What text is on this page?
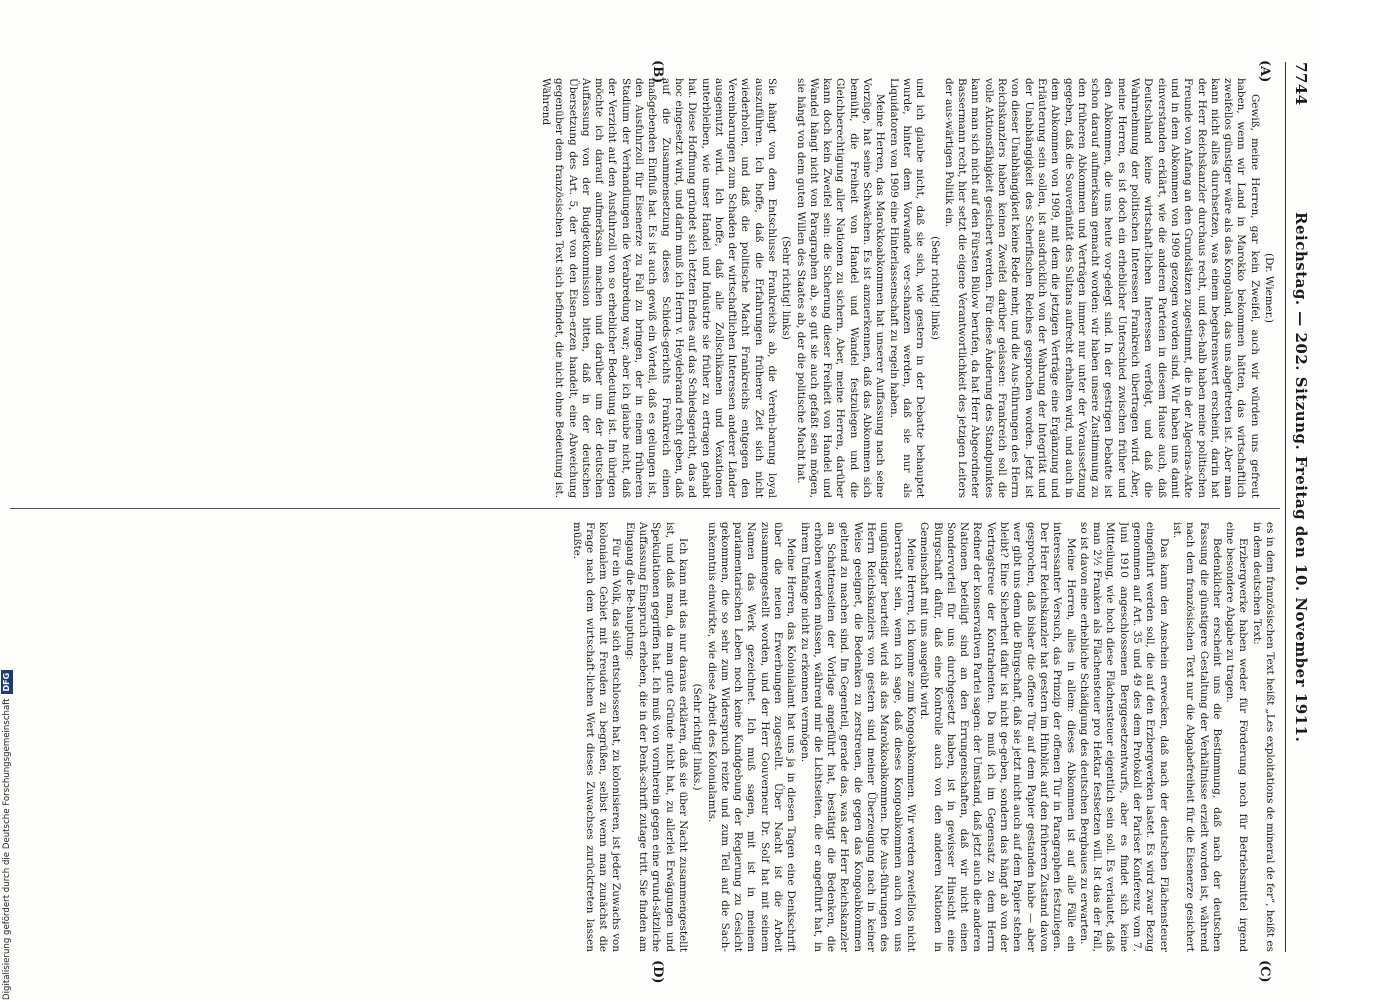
7744
Reichstag. — 202. Sitzung. Freitag den 10. November 1911.
(A)
(B)
(C)
(D)

(Dr. Wiemer.)

Gewiß, meine Herren, gar kein Zweifel, auch wir würden uns gefreut haben, wenn wir Land in Marokko bekommen hätten, das wirtschaftlich zweifellos günstiger wäre als das Kongoland, das uns abgetreten ist. Aber man kann nicht alles durchsetzen, was einem begehrenswert erscheint, darin hat der Herr Reichskanzler durchaus recht, und des-halb haben meine politischen Freunde von Anfang an den Grundsätzen zugestimmt, die in der Algeciras-Akte und in dem Abkommen von 1909 gezogen worden sind. Wir haben uns damit einverstanden erklärt, wie die anderen Parteien in diesem Hause auch, daß Deutschland keine wirtschaft-lichen Interessen verfolgt, und daß die Wahrnehmung der politischen Interessen Frankreich übertragen wird. Aber, meine Herren, es ist doch ein erheblicher Unterschied zwischen früher und den Abkommen, die uns heute vor-gelegt sind. In der gestrigen Debatte ist schon darauf aufmerksam gemacht worden: wir haben unsere Zustimmung zu den früheren Abkommen und Verträgen immer nur unter der Voraussetzung gegeben, daß die Souveränität des Sultans aufrecht erhalten wird, und auch in dem Abkommen von 1909, mit dem die jetzigen Verträge eine Ergänzung und Erläuterung sein sollen, ist ausdrücklich von der Wahrung der Integrität und der Unabhängigkeit des Scherifischen Reiches gesprochen worden. Jetzt ist von dieser Unabhängigkeit keine Rede mehr, und die Aus-führungen des Herrn Reichskanzlers haben keinen Zweifel darüber gelassen: Frankreich soll die volle Aktionsfähigkeit gesichert werden. Für diese Änderung des Standpunktes kann man sich nicht auf den Fürsten Bülow berufen, da hat Herr Abgeordneter Bassermann recht, hier setzt die eigene Verantwortlichkeit des jetzigen Leiters der aus-wärtigen Politik ein.

(Sehr richtig! links)

und ich glaube nicht, daß sie sich, wie gestern in der Debatte behauptet wurde, hinter dem Vorwande ver-schanzen werden, daß sie nur als Liquidatoren von 1909 eine Hinterlassenschaft zu regeln haben.

Meine Herren, das Marokkoabkommen hat unserer Auffassung nach seine Vorzüge, hat seine Schwächen. Es ist anzuerkennen, daß das Abkommen sich bemüht, die Freiheit von Handel und Wandel festzulegen und die Gleichberechtigung aller Nationen zu sichern. Aber, meine Herren, darüber kann doch kein Zweifel sein: die Sicherung dieser Freiheit von Handel und Wandel hängt nicht von Paragraphen ab, so gut sie auch gefaßt sein mögen, sie hängt von dem guten Willen des Staates ab, der die politische Macht hat.

(Sehr richtig! links)

Sie hängt von dem Entschlusse Frankreichs ab, die Verein-barung loyal auszuführen. Ich hoffe, daß die Erfahrungen früherer Zeit sich nicht wiederholen, und daß die politische Macht Frankreichs entgegen den Vereinbarungen zum Schaden der wirtschaftlichen Interessen anderer Länder ausgenutzt wird. Ich hoffe, daß alle Zollschikanen und Vexationen unterbleiben, wie unser Handel und Industrie sie früher zu ertragen gehabt hat. Diese Hoffnung gründet sich letzten Endes auf das Schiedsgericht, das ad hoc eingesetzt wird, und darin muß ich Herrn v. Heydebrand recht geben, daß auf die Zusammensetzung dieses Schieds-gerichts Frankreich einen maßgebenden Einfluß hat. Es ist auch gewiß ein Vorteil, daß es gelungen ist, den Ausfuhrzoll für Eisenerze zu Fall zu bringen, der in einem früheren Stadium der Verhandlungen die Verabredung war; aber ich glaube nicht, daß der Verzicht auf den Ausfuhrzoll von so erheblicher Bedeutung ist. Im übrigen möchte ich darauf aufmerksam machen und darüber um der deutschen Auffassung von der Budgetkommission bitten, daß in der deutschen Übersetzung des Art. 5, der von den Eisen-erzen handelt, eine Abweichung gegenüber dem französischen Text sich befindet, die nicht ohne Bedeutung ist. Während

es in dem französischen Text heißt „Les exploitations de mineral de fer“, heißt es in dem deutschen Text:

Erzbergwerke haben weder für Förderung noch für Betriebsmittel irgend eine besondere Abgabe zu tragen.

Bedenklicher erscheint uns die Bestimmung, daß nach der deutschen Fassung die günstigere Gestaltung der Verhältnisse erzielt worden ist, während nach dem französischen Text nur die Abgabefreiheit für die Eisenerze gesichert ist.

Das kann den Anschein erwecken, daß nach der deutschen Flächensteuer eingeführt werden soll, die auf den Erzbergwerken lastet. Es wird zwar Bezug genommen auf Art. 35 und 49 des dem Protokoll der Pariser Konferenz vom 7. Juni 1910 angeschlossenen Berggesetzentwurfs, aber es findet sich keine Mitteilung, wie hoch diese Flächensteuer eigentlich sein soll. Es verlautet, daß man 2½ Franken als Flächensteuer pro Hektar festsetzen will. Ist das der Fall, so ist davon eine erhebliche Schädigung des deutschen Bergbaues zu erwarten.

Meine Herren, alles in allem: dieses Abkommen ist auf alle Fälle ein interessanter Versuch, das Prinzip der offenen Tür in Paragraphen festzulegen. Der Herr Reichskanzler hat gestern im Hinblick auf den früheren Zustand davon gesprochen, daß bisher die offene Tür auf dem Papier gestanden habe — aber wer gibt uns denn die Bürgschaft, daß sie jetzt nicht auch auf dem Papier stehen bleibt? Eine Sicherheit dafür ist nicht ge-geben, sondern das hängt ab von der Vertragstreue der Kontrahenten. Da muß ich im Gegensatz zu dem Herrn Redner der konservativen Partei sagen: der Umstand, daß jetzt auch die anderen Nationen beteiligt sind an den Errungenschaften, daß wir nicht einen Sondervorteil für uns durchgesetzt haben, ist in gewisser Hinsicht eine Bürgschaft dafür, daß eine Kontrolle auch von den anderen Nationen in Gemeinschaft mit uns ausgeübt wird.

Meine Herren, ich komme zum Kongoabkommen. Wir werden zweifellos nicht überrascht sein, wenn ich sage, daß dieses Kongoabkommen auch von uns ungünstiger beurteilt wird als das Marokkoabkommen. Die Aus-führungen des Herrn Reichskanzlers von gestern sind meiner Überzeugung nach in keiner Weise geeignet, die Bedenken zu zerstreuen, die gegen das Kongoabkommen geltend zu machen sind. Im Gegenteil, gerade das, was der Herr Reichskanzler an Schattenseiten der Vorlage angeführt hat, bestätigt die Bedenken, die erhoben werden müssen, während mir die Lichtseiten, die er angeführt hat, in ihrem Umfange nicht zu erkennen vermögen.

Meine Herren, das Kolonialamt hat uns ja in diesen Tagen eine Denkschrift über die neuen Erwerbungen zugestellt. Über Nacht ist die Arbeit zusammengestellt worden, und der Herr Gouverneur Dr. Solf hat mit seinem Namen das Werk gezeichnet. Ich muß sagen, mit ist in meinem parlamentarischen Leben noch keine Kundgebung der Regierung zu Gesicht gekommen, die so sehr zum Widerspruch reizte und zum Teil auf die Sach-unkenntnis einwirkte, wie diese Arbeit des Kolonialamts.

(Sehr richtig! links.)

Ich kann mit das nur daraus erklären, daß sie über Nacht zusammengestellt ist, und daß man, da man gute Gründe nicht hat, zu allerlei Erwägungen und Spekulationen gegriffen hat. Ich muß von vornherein gegen eine grund-sätzliche Auffassung Einspruch erheben, die in der Denk-schrift zutage tritt. Sie finden am Eingang die Be-hauptung:

Für ein Volk, das sich entschlossen hat, zu kolonisieren, ist jeder Zuwachs von kolonialem Gebiet mit Freuden zu begrüßen, selbst wenn man zunächst die Frage nach dem wirtschaft-lichen Wert dieses Zuwachses zurücktreten lassen müßte.

Digitalisierung gefördert durch die Deutsche Forschungsgemeinschaft
DFG
